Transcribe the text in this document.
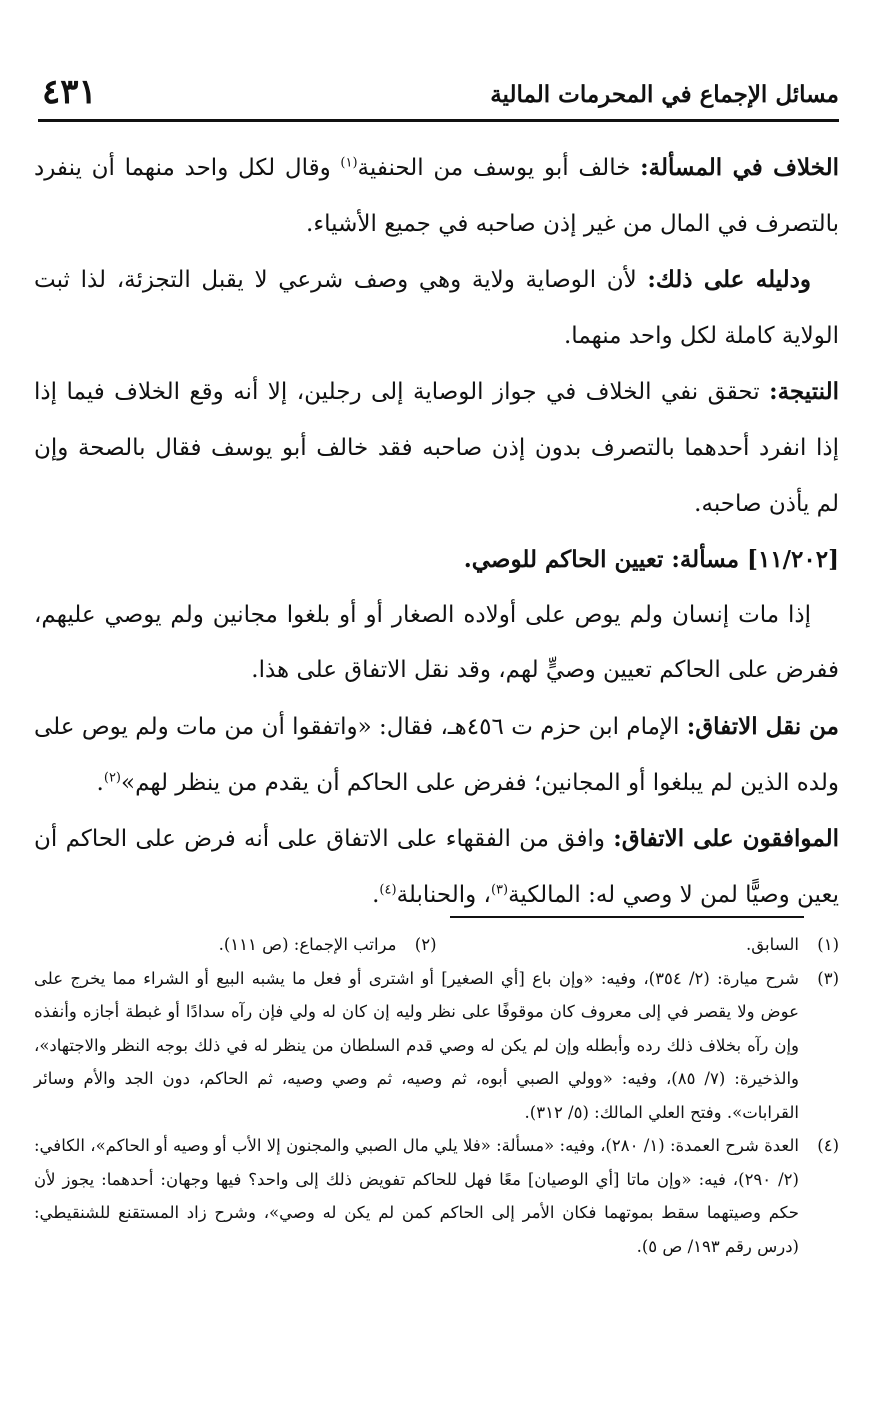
مسائل الإجماع في المحرمات المالية
٤٣١

الخلاف في المسألة: خالف أبو يوسف من الحنفية$^{(١)}$ وقال لكل واحد منهما أن ينفرد بالتصرف في المال من غير إذن صاحبه في جميع الأشياء.

ودليله على ذلك: لأن الوصاية ولاية وهي وصف شرعي لا يقبل التجزئة، لذا ثبت الولاية كاملة لكل واحد منهما.

النتيجة: تحقق نفي الخلاف في جواز الوصاية إلى رجلين، إلا أنه وقع الخلاف فيما إذا إذا انفرد أحدهما بالتصرف بدون إذن صاحبه فقد خالف أبو يوسف فقال بالصحة وإن لم يأذن صاحبه.

[١١/٢٠٢] مسألة: تعيين الحاكم للوصي.

إذا مات إنسان ولم يوص على أولاده الصغار أو أو بلغوا مجانين ولم يوصي عليهم، ففرض على الحاكم تعيين وصيٍّ لهم، وقد نقل الاتفاق على هذا.

من نقل الاتفاق: الإمام ابن حزم ت ٤٥٦هـ، فقال: «واتفقوا أن من مات ولم يوص على ولده الذين لم يبلغوا أو المجانين؛ ففرض على الحاكم أن يقدم من ينظر لهم»$^{(٢)}$.

الموافقون على الاتفاق: وافق من الفقهاء على الاتفاق على أنه فرض على الحاكم أن يعين وصيًّا لمن لا وصي له: المالكية$^{(٣)}$، والحنابلة$^{(٤)}$.

(١)
السابق.
(٢)
مراتب الإجماع: (ص ١١١).
(٣)
شرح ميارة: (٢/ ٣٥٤)، وفيه: «وإن باع [أي الصغير] أو اشترى أو فعل ما يشبه البيع أو الشراء مما يخرج على عوض ولا يقصر في إلى معروف كان موقوفًا على نظر وليه إن كان له ولي فإن رآه سدادًا أو غبطة أجازه وأنفذه وإن رآه بخلاف ذلك رده وأبطله وإن لم يكن له وصي قدم السلطان من ينظر له في ذلك بوجه النظر والاجتهاد»، والذخيرة: (٧/ ٨٥)، وفيه: «وولي الصبي أبوه، ثم وصيه، ثم وصي وصيه، ثم الحاكم، دون الجد والأم وسائر القرابات». وفتح العلي المالك: (٥/ ٣١٢).
(٤)
العدة شرح العمدة: (١/ ٢٨٠)، وفيه: «مسألة: «فلا يلي مال الصبي والمجنون إلا الأب أو وصيه أو الحاكم»، الكافي: (٢/ ٢٩٠)، فيه: «وإن ماتا [أي الوصيان] معًا فهل للحاكم تفويض ذلك إلى واحد؟ فيها وجهان: أحدهما: يجوز لأن حكم وصيتهما سقط بموتهما فكان الأمر إلى الحاكم كمن لم يكن له وصي»، وشرح زاد المستقنع للشنقيطي: (درس رقم ١٩٣/ ص ٥).
